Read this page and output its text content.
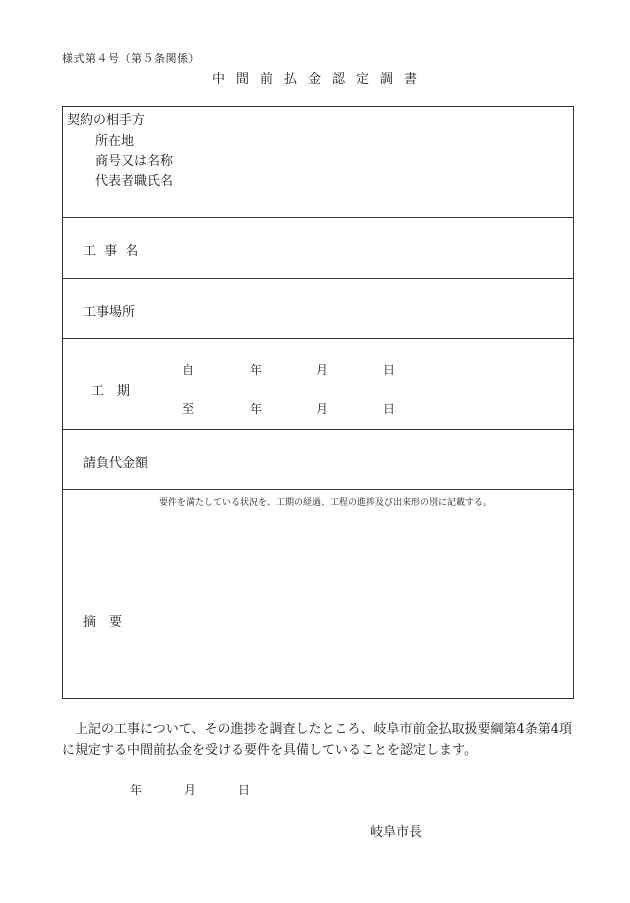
様式第４号（第５条関係）
中間前払金認定調書
契約の相手方
所在地
商号又は名称
代表者職氏名
工 事 名
工事場所
工　期
自	年	月	日
至	年	月	日
請負代金額
要件を満たしている状況を、工期の経過、工程の進捗及び出来形の別に記載する。
摘　要

上記の工事について、その進捗を調査したところ、岐阜市前金払取扱要綱第4条第4項に規定する中間前払金を受ける要件を具備していることを認定します。

年	月	日
岐阜市長
